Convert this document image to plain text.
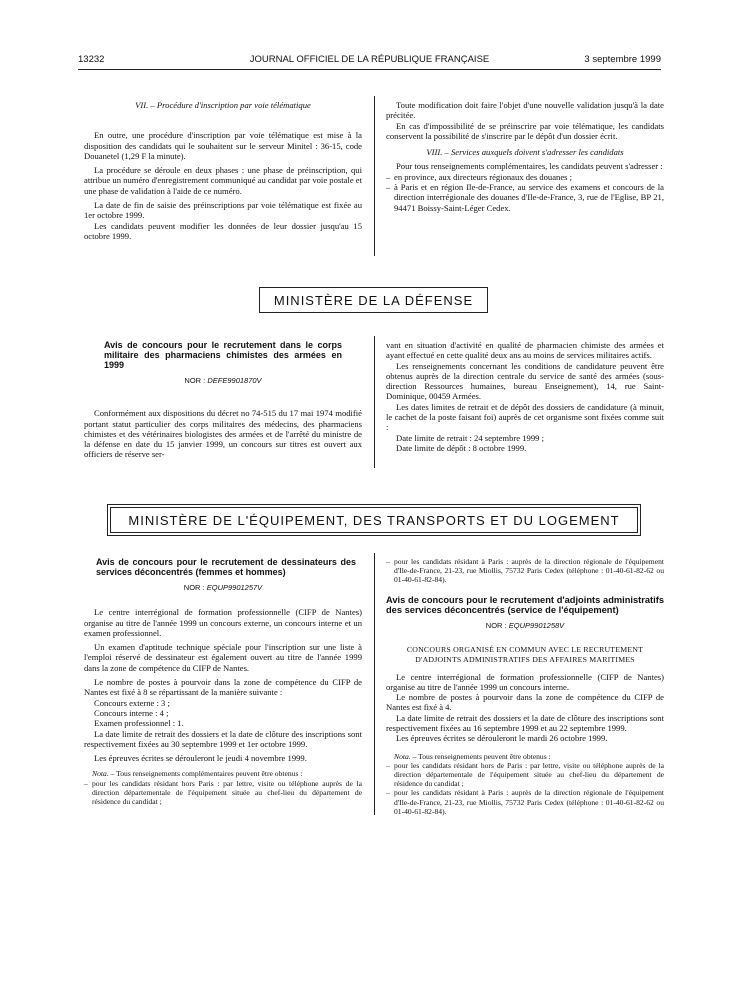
13232	JOURNAL OFFICIEL DE LA RÉPUBLIQUE FRANÇAISE	3 septembre 1999

VII. – Procédure d'inscription par voie télématique

En outre, une procédure d'inscription par voie télématique est mise à la disposition des candidats qui le souhaitent sur le serveur Minitel : 36-15, code Douanetel (1,29 F la minute).

La procédure se déroule en deux phases : une phase de préinscription, qui attribue un numéro d'enregistrement communiqué au candidat par voie postale et une phase de validation à l'aide de ce numéro.

La date de fin de saisie des préinscriptions par voie télématique est fixée au 1er octobre 1999.

Les candidats peuvent modifier les données de leur dossier jusqu'au 15 octobre 1999.

Toute modification doit faire l'objet d'une nouvelle validation jusqu'à la date précitée.

En cas d'impossibilité de se préinscrire par voie télématique, les candidats conservent la possibilité de s'inscrire par le dépôt d'un dossier écrit.

VIII. – Services auxquels doivent s'adresser les candidats

Pour tous renseignements complémentaires, les candidats peuvent s'adresser :

– en province, aux directeurs régionaux des douanes ;

– à Paris et en région Ile-de-France, au service des examens et concours de la direction interrégionale des douanes d'Ile-de-France, 3, rue de l'Eglise, BP 21, 94471 Boissy-Saint-Léger Cedex.

MINISTÈRE DE LA DÉFENSE

Avis de concours pour le recrutement dans le corps militaire des pharmaciens chimistes des armées en 1999

NOR : DEFE9901870V

Conformément aux dispositions du décret no 74-515 du 17 mai 1974 modifié portant statut particulier des corps militaires des médecins, des pharmaciens chimistes et des vétérinaires biologistes des armées et de l'arrêté du ministre de la défense en date du 15 janvier 1999, un concours sur titres est ouvert aux officiers de réserve ser-

vant en situation d'activité en qualité de pharmacien chimiste des armées et ayant effectué en cette qualité deux ans au moins de services militaires actifs.

Les renseignements concernant les conditions de candidature peuvent être obtenus auprès de la direction centrale du service de santé des armées (sous-direction Ressources humaines, bureau Enseignement), 14, rue Saint-Dominique, 00459 Armées.

Les dates limites de retrait et de dépôt des dossiers de candidature (à minuit, le cachet de la poste faisant foi) auprès de cet organisme sont fixées comme suit :

Date limite de retrait : 24 septembre 1999 ;

Date limite de dépôt : 8 octobre 1999.

MINISTÈRE DE L'ÉQUIPEMENT, DES TRANSPORTS ET DU LOGEMENT

Avis de concours pour le recrutement de dessinateurs des services déconcentrés (femmes et hommes)

NOR : EQUP9901257V

Le centre interrégional de formation professionnelle (CIFP de Nantes) organise au titre de l'année 1999 un concours externe, un concours interne et un examen professionnel.

Un examen d'aptitude technique spéciale pour l'inscription sur une liste à l'emploi réservé de dessinateur est également ouvert au titre de l'année 1999 dans la zone de compétence du CIFP de Nantes.

Le nombre de postes à pourvoir dans la zone de compétence du CIFP de Nantes est fixé à 8 se répartissant de la manière suivante :

Concours externe : 3 ;

Concours interne : 4 ;

Examen professionnel : 1.

La date limite de retrait des dossiers et la date de clôture des inscriptions sont respectivement fixées au 30 septembre 1999 et 1er octobre 1999.

Les épreuves écrites se dérouleront le jeudi 4 novembre 1999.

Nota. – Tous renseignements complémentaires peuvent être obtenus :

– pour les candidats résidant hors Paris : par lettre, visite ou téléphone auprès de la direction départementale de l'équipement située au chef-lieu du département de résidence du candidat ;

– pour les candidats résidant à Paris : auprès de la direction régionale de l'équipement d'Ile-de-France, 21-23, rue Miollis, 75732 Paris Cedex (téléphone : 01-40-61-82-62 ou 01-40-61-82-84).

Avis de concours pour le recrutement d'adjoints administratifs des services déconcentrés (service de l'équipement)

NOR : EQUP9901258V

CONCOURS ORGANISÉ EN COMMUN AVEC LE RECRUTEMENT D'ADJOINTS ADMINISTRATIFS DES AFFAIRES MARITIMES

Le centre interrégional de formation professionnelle (CIFP de Nantes) organise au titre de l'année 1999 un concours interne.

Le nombre de postes à pourvoir dans la zone de compétence du CIFP de Nantes est fixé à 4.

La date limite de retrait des dossiers et la date de clôture des inscriptions sont respectivement fixées au 16 septembre 1999 et au 22 septembre 1999.

Les épreuves écrites se dérouleront le mardi 26 octobre 1999.

Nota. – Tous renseignements peuvent être obtenus :

– pour les candidats résidant hors de Paris : par lettre, visite ou téléphone auprès de la direction départementale de l'équipement située au chef-lieu du département de résidence du candidat ;

– pour les candidats résidant à Paris : auprès de la direction régionale de l'équipement d'Ile-de-France, 21-23, rue Miollis, 75732 Paris Cedex (téléphone : 01-40-61-82-62 ou 01-40-61-82-84).
